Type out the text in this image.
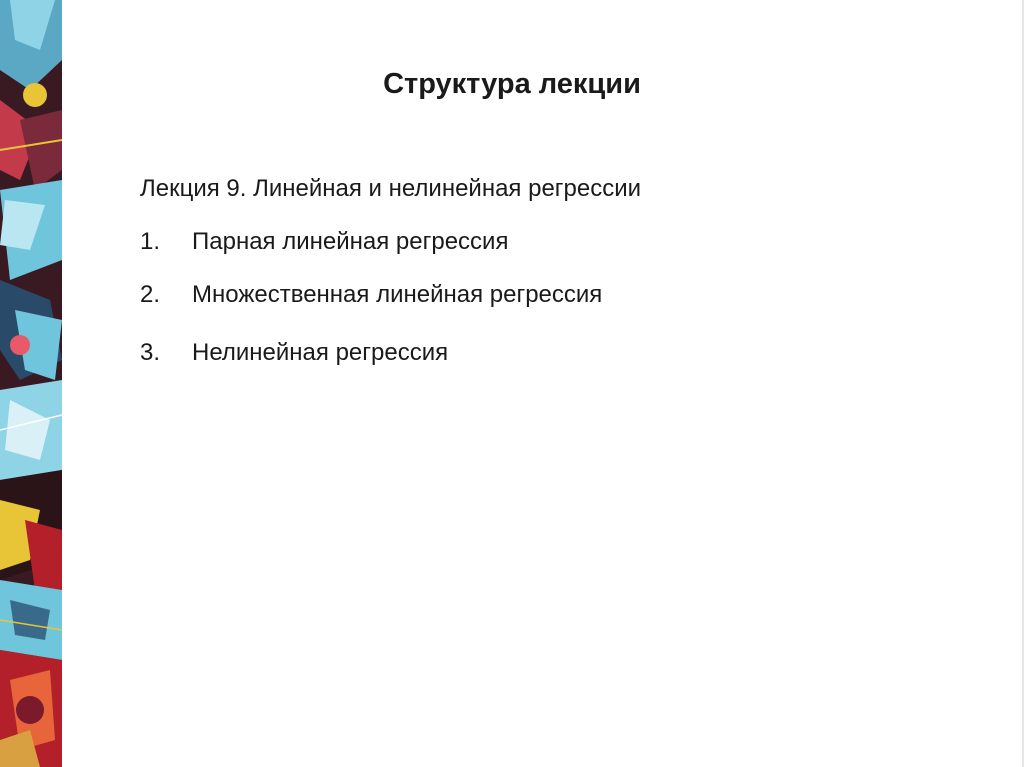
Структура лекции
Лекция 9. Линейная и нелинейная регрессии
1. Парная линейная регрессия
2. Множественная линейная регрессия
3. Нелинейная регрессия
